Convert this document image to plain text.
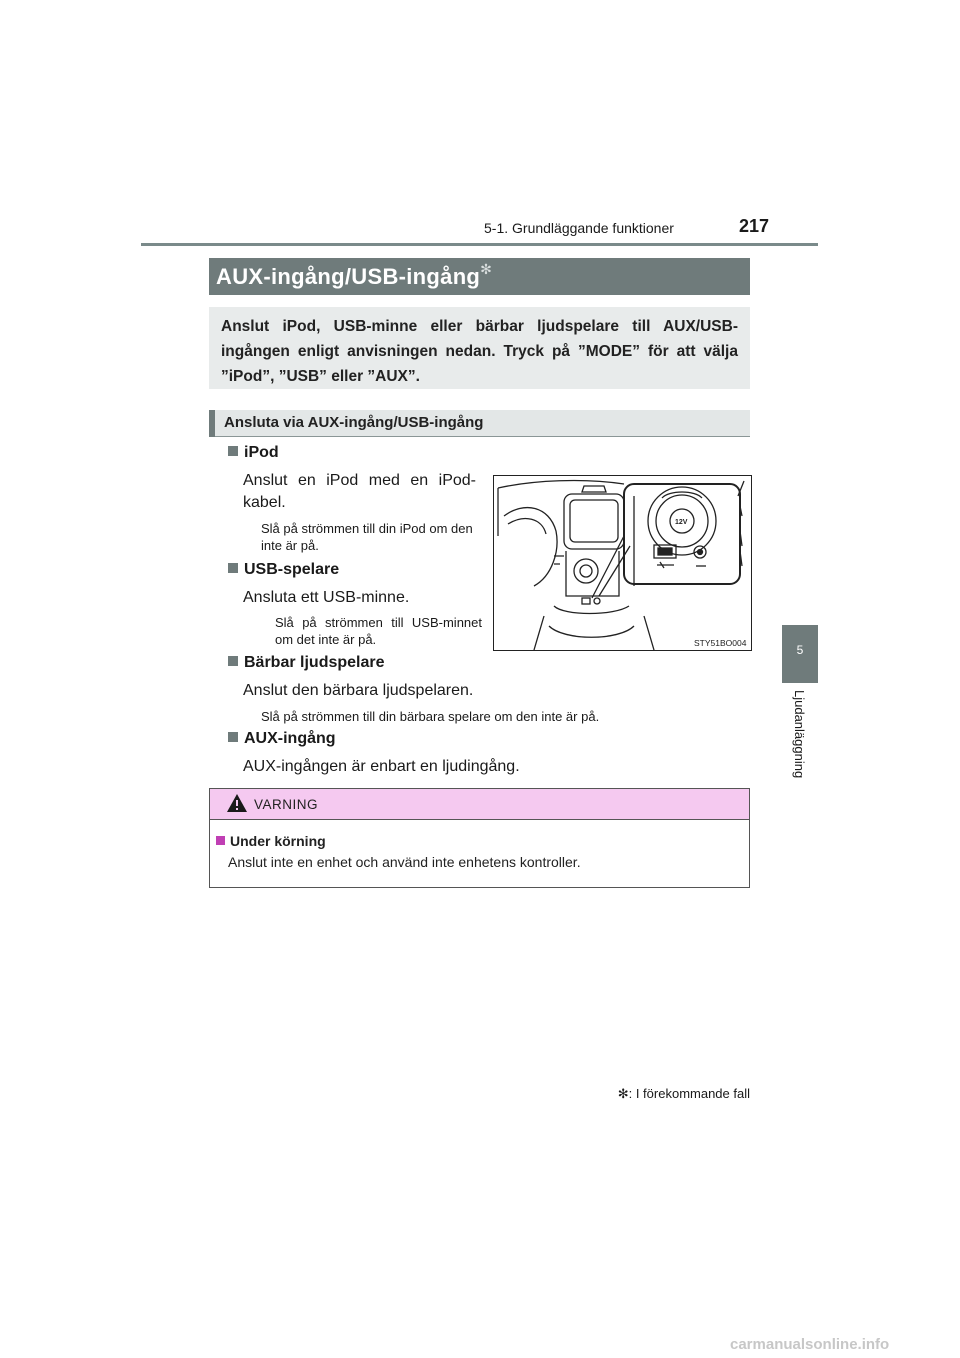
5-1. Grundläggande funktioner	217
AUX-ingång/USB-ingång✻
Anslut iPod, USB-minne eller bärbar ljudspelare till AUX/USB-ingången enligt anvisningen nedan. Tryck på ”MODE” för att välja ”iPod”, ”USB” eller ”AUX”.
Ansluta via AUX-ingång/USB-ingång
iPod
Anslut en iPod med en iPod-kabel.
Slå på strömmen till din iPod om den inte är på.
USB-spelare
Ansluta ett USB-minne.
Slå på strömmen till USB-minnet om det inte är på.
Bärbar ljudspelare
Anslut den bärbara ljudspelaren.
Slå på strömmen till din bärbara spelare om den inte är på.
AUX-ingång
AUX-ingången är enbart en ljudingång.
12V
STY51BO004
VARNING
Under körning
Anslut inte en enhet och använd inte enhetens kontroller.
✻: I förekommande fall
5
Ljudanläggning
carmanualsonline.info
